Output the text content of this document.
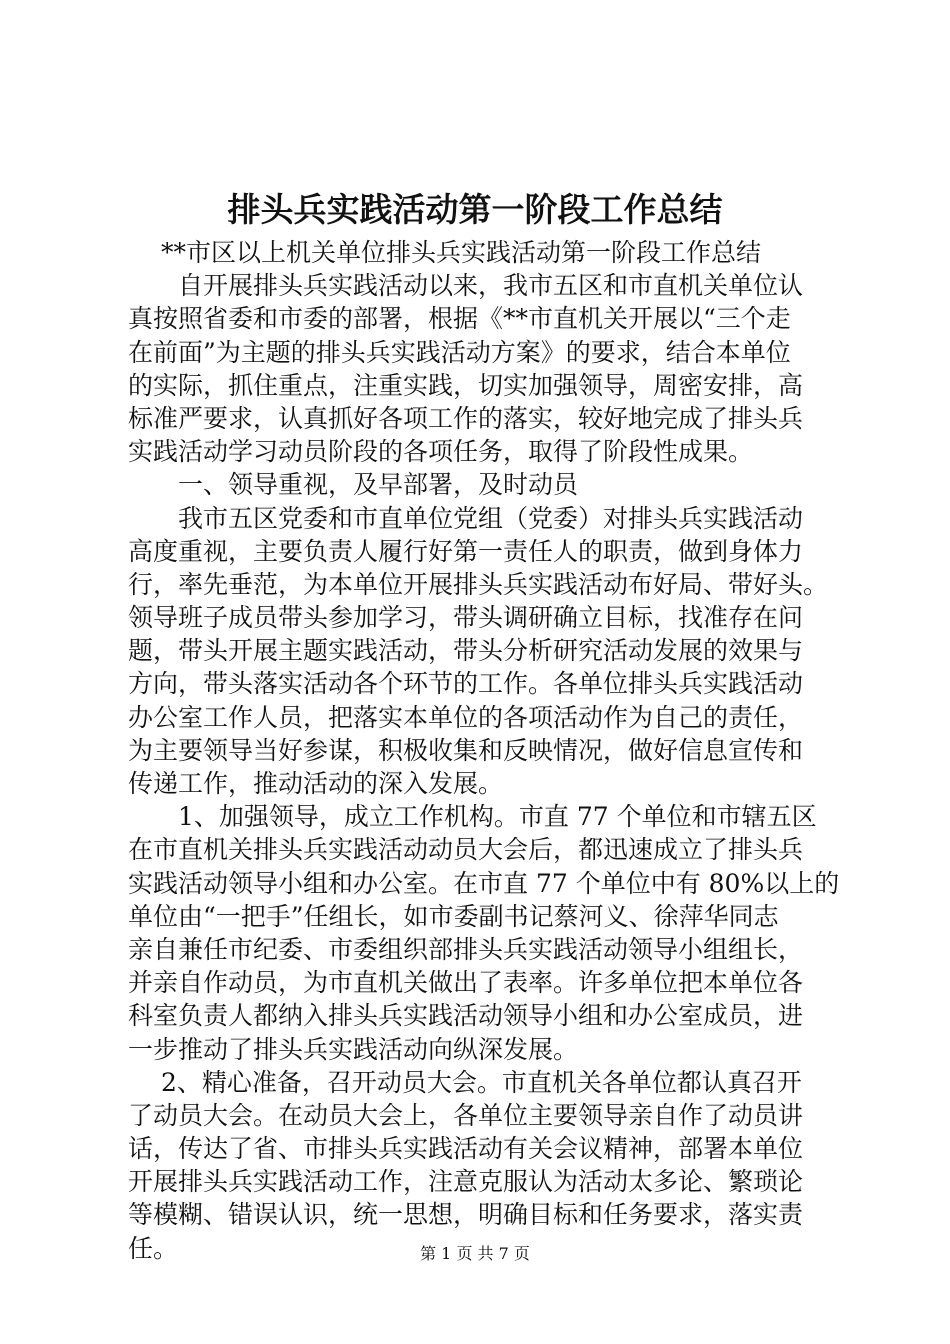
排头兵实践活动第一阶段工作总结
　 **市区以上机关单位排头兵实践活动第一阶段工作总结
　　自开展排头兵实践活动以来，我市五区和市直机关单位认
真按照省委和市委的部署，根据《**市直机关开展以“三个走
在前面”为主题的排头兵实践活动方案》的要求，结合本单位
的实际，抓住重点，注重实践，切实加强领导，周密安排，高
标准严要求，认真抓好各项工作的落实，较好地完成了排头兵
实践活动学习动员阶段的各项任务，取得了阶段性成果。
　　一、领导重视，及早部署，及时动员
　　我市五区党委和市直单位党组（党委）对排头兵实践活动
高度重视，主要负责人履行好第一责任人的职责，做到身体力
行，率先垂范，为本单位开展排头兵实践活动布好局、带好头。
领导班子成员带头参加学习，带头调研确立目标，找准存在问
题，带头开展主题实践活动，带头分析研究活动发展的效果与
方向，带头落实活动各个环节的工作。各单位排头兵实践活动
办公室工作人员，把落实本单位的各项活动作为自己的责任，
为主要领导当好参谋，积极收集和反映情况，做好信息宣传和
传递工作，推动活动的深入发展。
　　1、加强领导，成立工作机构。市直 77 个单位和市辖五区
在市直机关排头兵实践活动动员大会后，都迅速成立了排头兵
实践活动领导小组和办公室。在市直 77 个单位中有 80%以上的
单位由“一把手”任组长，如市委副书记蔡河义、徐萍华同志
亲自兼任市纪委、市委组织部排头兵实践活动领导小组组长，
并亲自作动员，为市直机关做出了表率。许多单位把本单位各
科室负责人都纳入排头兵实践活动领导小组和办公室成员，进
一步推动了排头兵实践活动向纵深发展。
　 2、精心准备，召开动员大会。市直机关各单位都认真召开
了动员大会。在动员大会上，各单位主要领导亲自作了动员讲
话，传达了省、市排头兵实践活动有关会议精神，部署本单位
开展排头兵实践活动工作，注意克服认为活动太多论、繁琐论
等模糊、错误认识，统一思想，明确目标和任务要求，落实责
任。	第 1 页 共 7 页
